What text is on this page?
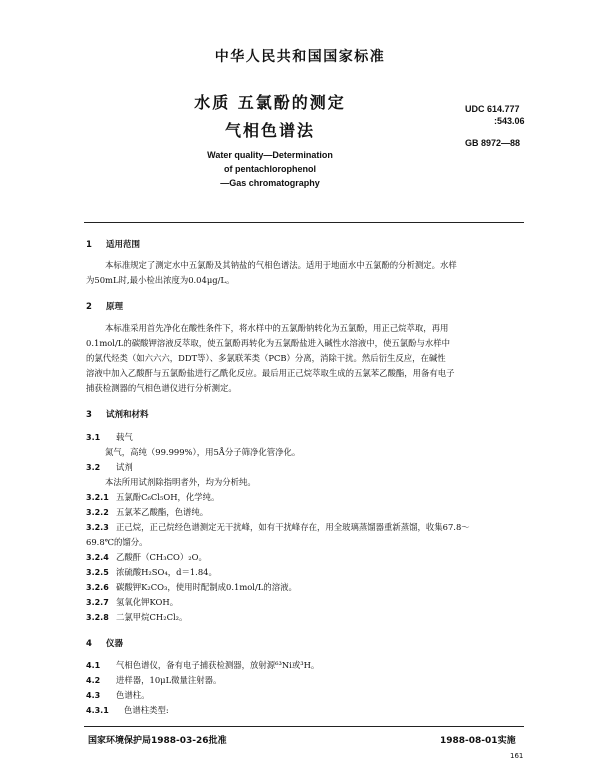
中华人民共和国国家标准
水质 五氯酚的测定
气相色谱法
Water quality—Determination
of pentachlorophenol
—Gas chromatography
UDC 614.777
:543.06
GB 8972—88
1 适用范围
本标准规定了测定水中五氯酚及其钠盐的气相色谱法。适用于地面水中五氯酚的分析测定。水样
为50mL时,最小检出浓度为0.04μg/L。
2 原理
本标准采用首先净化在酸性条件下，将水样中的五氯酚钠转化为五氯酚，用正己烷萃取，再用
0.1mol/L的碳酸钾溶液反萃取，使五氯酚再转化为五氯酚盐进入碱性水溶液中，使五氯酚与水样中
的氯代烃类（如六六六，DDT等）、多氯联苯类（PCB）分离，消除干扰。然后衍生反应，在碱性
溶液中加入乙酸酐与五氯酚盐进行乙酰化反应。最后用正己烷萃取生成的五氯苯乙酸酯，用备有电子
捕获检测器的气相色谱仪进行分析测定。
3 试剂和材料
3.1 载气
氮气，高纯（99.999%），用5Å分子筛净化管净化。
3.2 试剂
本法所用试剂除指明者外，均为分析纯。
3.2.1 五氯酚C₆Cl₅OH，化学纯。
3.2.2 五氯苯乙酸酯，色谱纯。
3.2.3 正己烷，正己烷经色谱测定无干扰峰，如有干扰峰存在，用全玻璃蒸馏器重新蒸馏，收集67.8～
69.8℃的馏分。
3.2.4 乙酸酐（CH₃CO）₂O。
3.2.5 浓硫酸H₂SO₄，d＝1.84。
3.2.6 碳酸钾K₂CO₃，使用时配制成0.1mol/L的溶液。
3.2.7 氢氧化钾KOH。
3.2.8 二氯甲烷CH₂Cl₂。
4 仪器
4.1 气相色谱仪，备有电子捕获检测器，放射源⁶³Ni或³H。
4.2 进样器，10μL微量注射器。
4.3 色谱柱。
4.3.1 色谱柱类型:
国家环境保护局1988-03-26批准	1988-08-01实施
161
